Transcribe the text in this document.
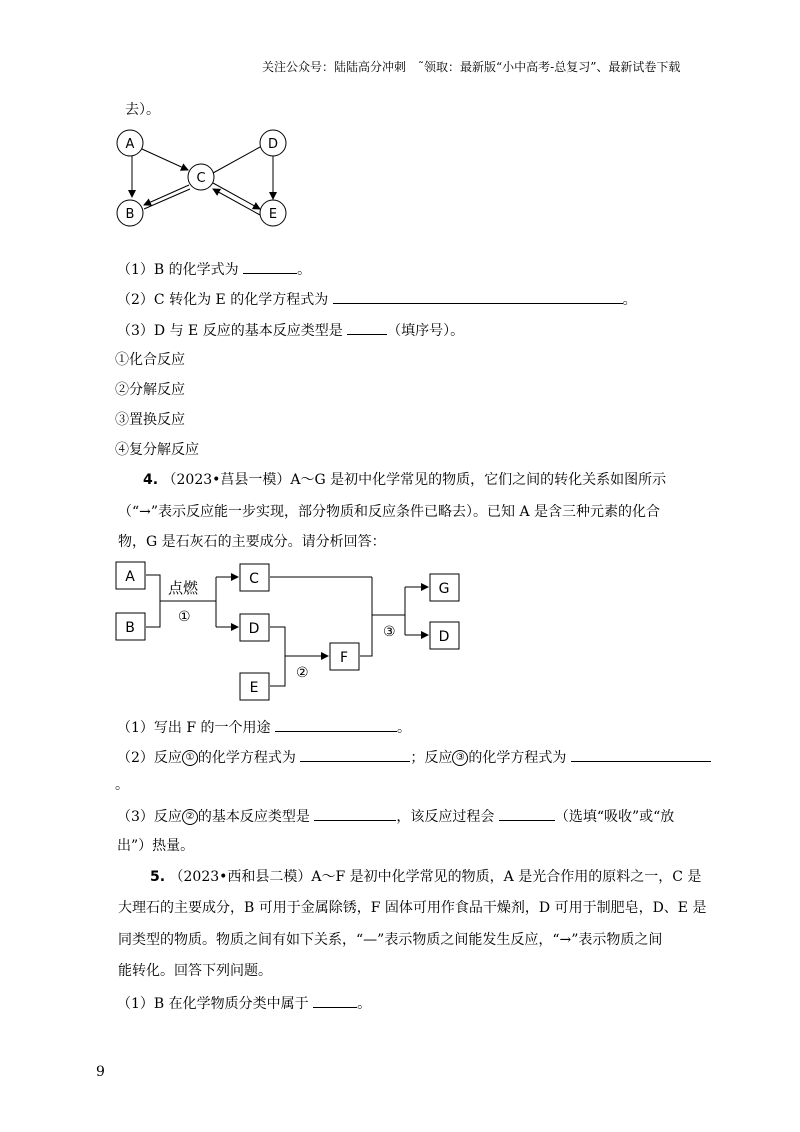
关注公众号：陆陆高分冲刺　˜领取：最新版“小中高考-总复习”、最新试卷下载
去）。
A
B
C
D
E
（1）B 的化学式为	。
（2）C 转化为 E 的化学方程式为	。
（3）D 与 E 反应的基本反应类型是	（填序号）。
①化合反应
②分解反应
③置换反应
④复分解反应
4. （2023•莒县一模）A～G 是初中化学常见的物质，它们之间的转化关系如图所示
（“→”表示反应能一步实现，部分物质和反应条件已略去）。已知 A 是含三种元素的化合
物，G 是石灰石的主要成分。请分析回答：
点燃
①
②
③
A
B
C
D
E
F
G
D
（1）写出 F 的一个用途	。
（2）反应 ① 的化学方程式为	；反应 ③ 的化学方程式为
。
（3）反应 ② 的基本反应类型是	，该反应过程会	（选填“吸收”或“放
出”）热量。
5. （2023•西和县二模）A～F 是初中化学常见的物质，A 是光合作用的原料之一，C 是
大理石的主要成分，B 可用于金属除锈，F 固体可用作食品干燥剂，D 可用于制肥皂，D、E 是
同类型的物质。物质之间有如下关系，“—”表示物质之间能发生反应，“→”表示物质之间
能转化。回答下列问题。
（1）B 在化学物质分类中属于	。
9
